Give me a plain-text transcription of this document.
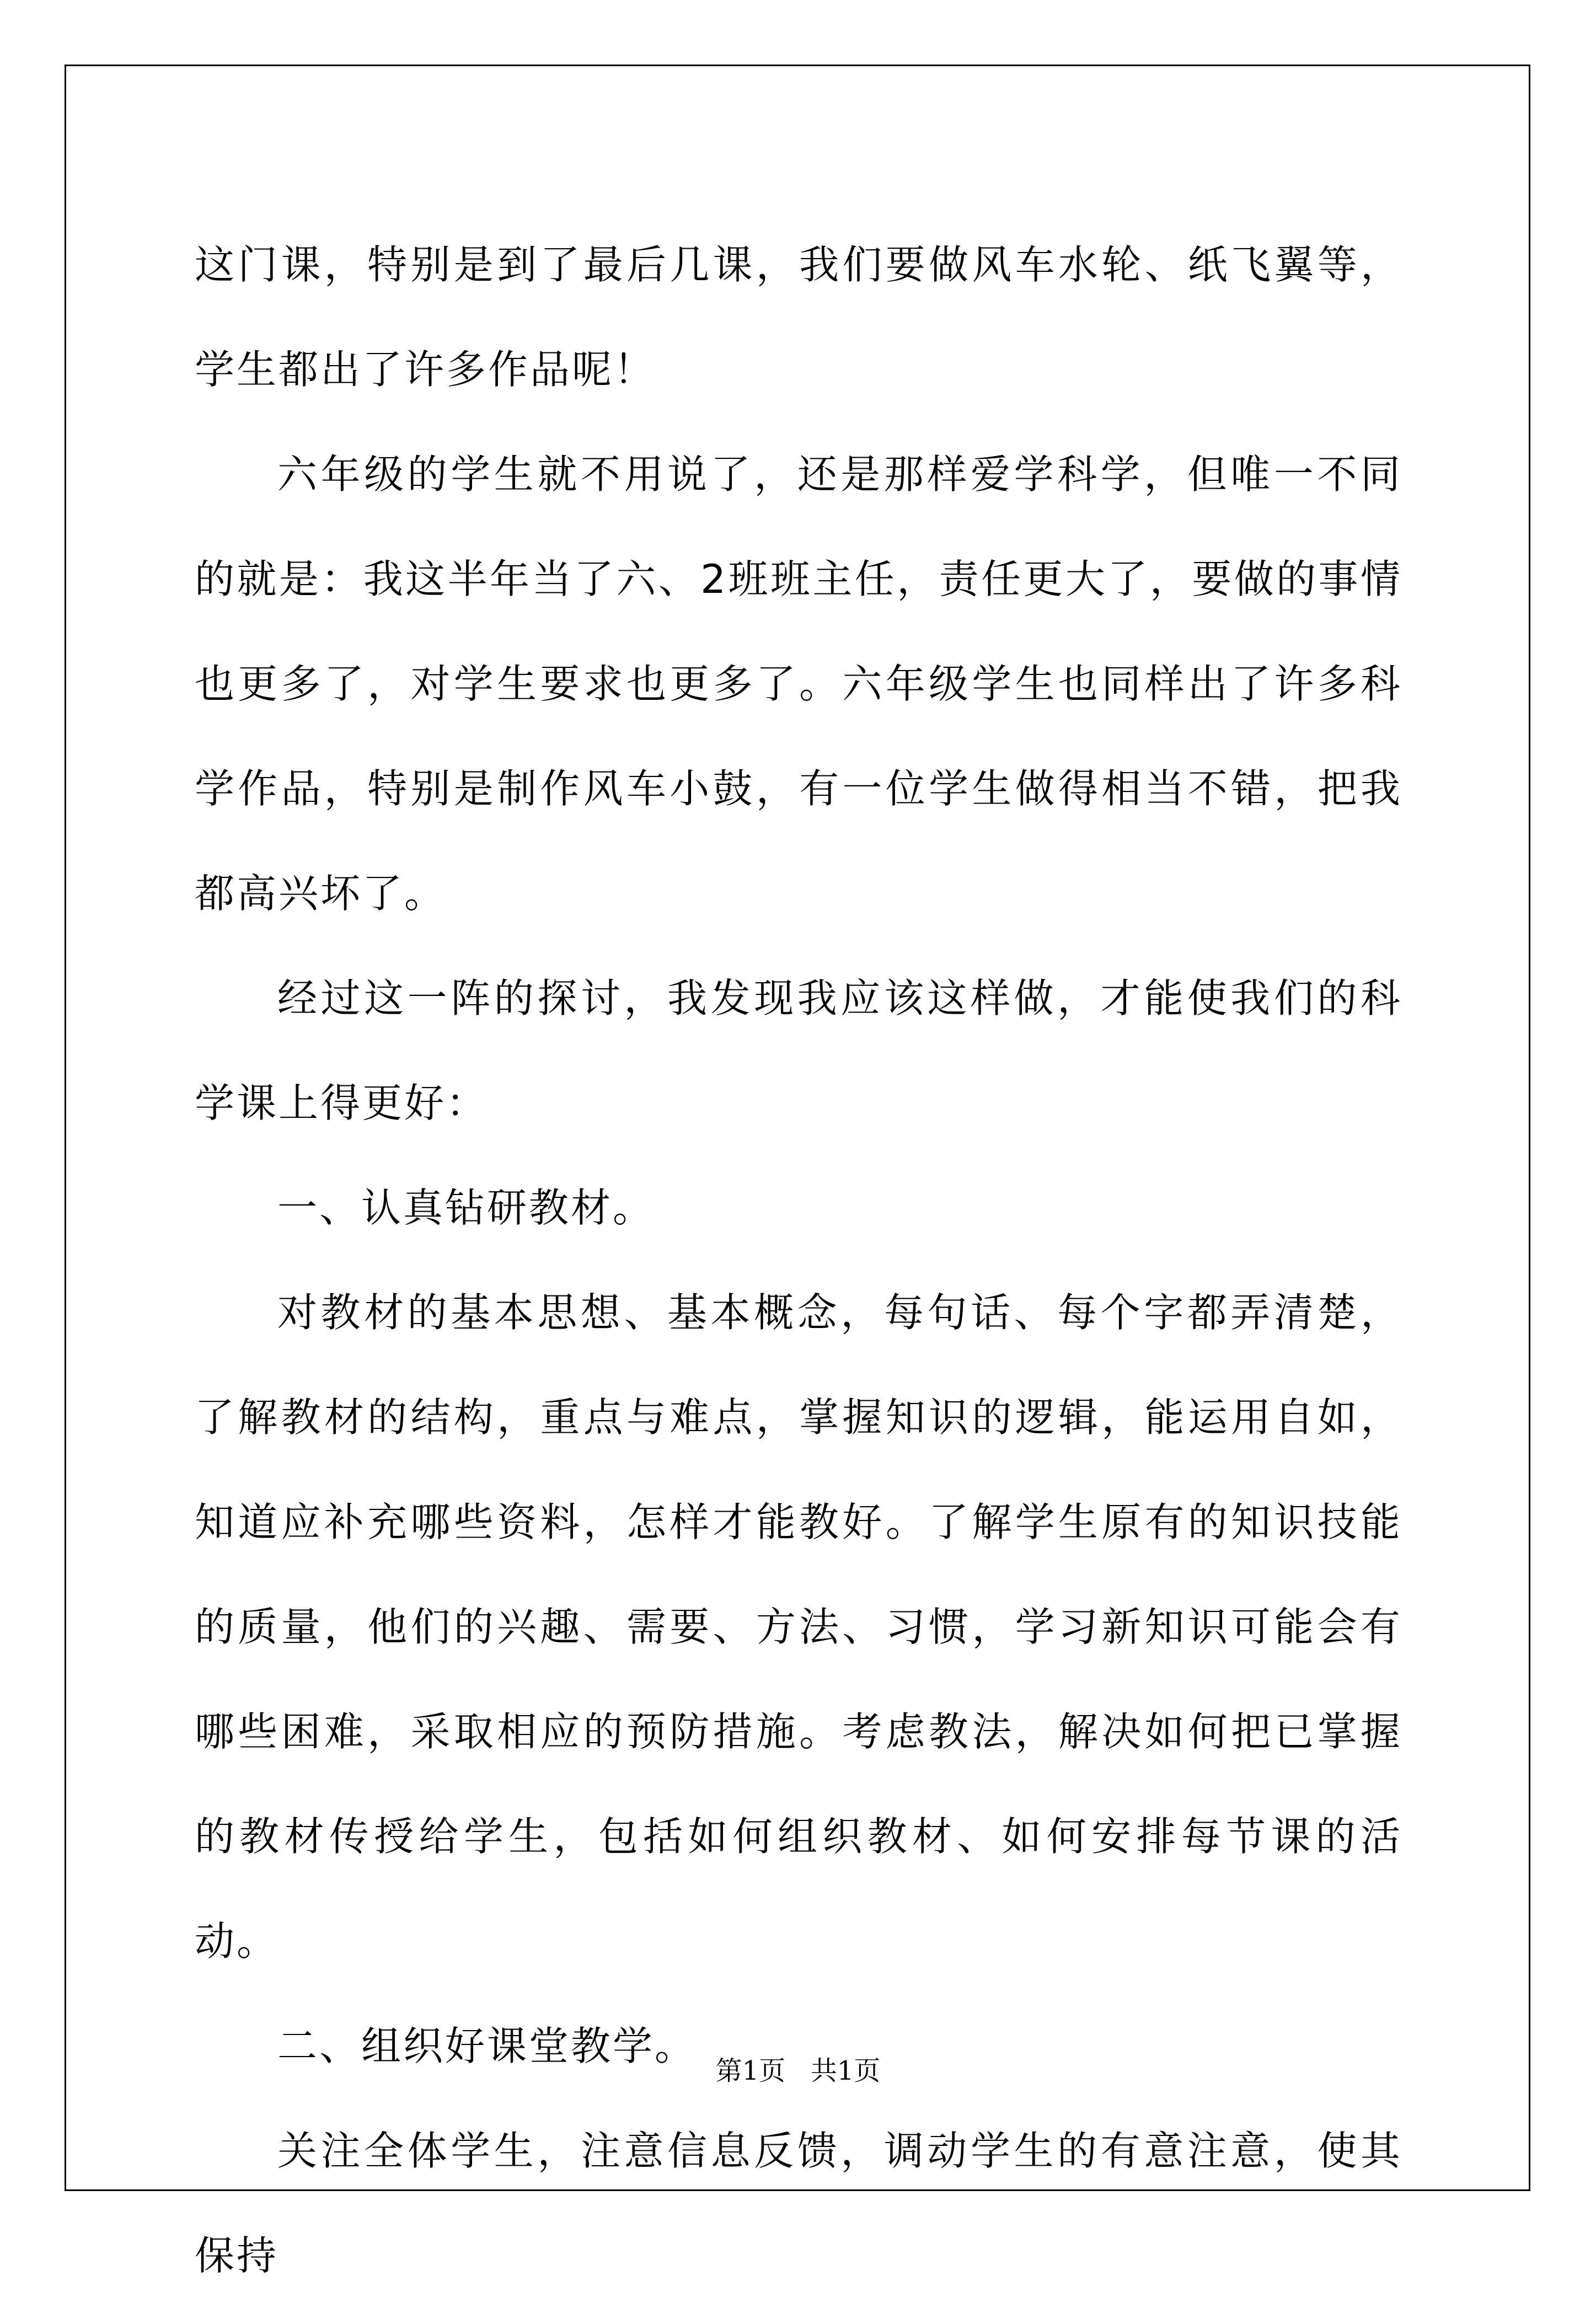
这门课，特别是到了最后几课，我们要做风车水轮、纸飞翼等，学生都出了许多作品呢！

六年级的学生就不用说了，还是那样爱学科学，但唯一不同的就是：我这半年当了六、2班班主任，责任更大了，要做的事情也更多了，对学生要求也更多了。六年级学生也同样出了许多科学作品，特别是制作风车小鼓，有一位学生做得相当不错，把我都高兴坏了。

经过这一阵的探讨，我发现我应该这样做，才能使我们的科学课上得更好：

一、认真钻研教材。

对教材的基本思想、基本概念，每句话、每个字都弄清楚，了解教材的结构，重点与难点，掌握知识的逻辑，能运用自如，知道应补充哪些资料，怎样才能教好。了解学生原有的知识技能的质量，他们的兴趣、需要、方法、习惯，学习新知识可能会有哪些困难，采取相应的预防措施。考虑教法，解决如何把已掌握的教材传授给学生，包括如何组织教材、如何安排每节课的活动。

二、组织好课堂教学。

关注全体学生，注意信息反馈，调动学生的有意注意，使其保持

第1页 共1页
